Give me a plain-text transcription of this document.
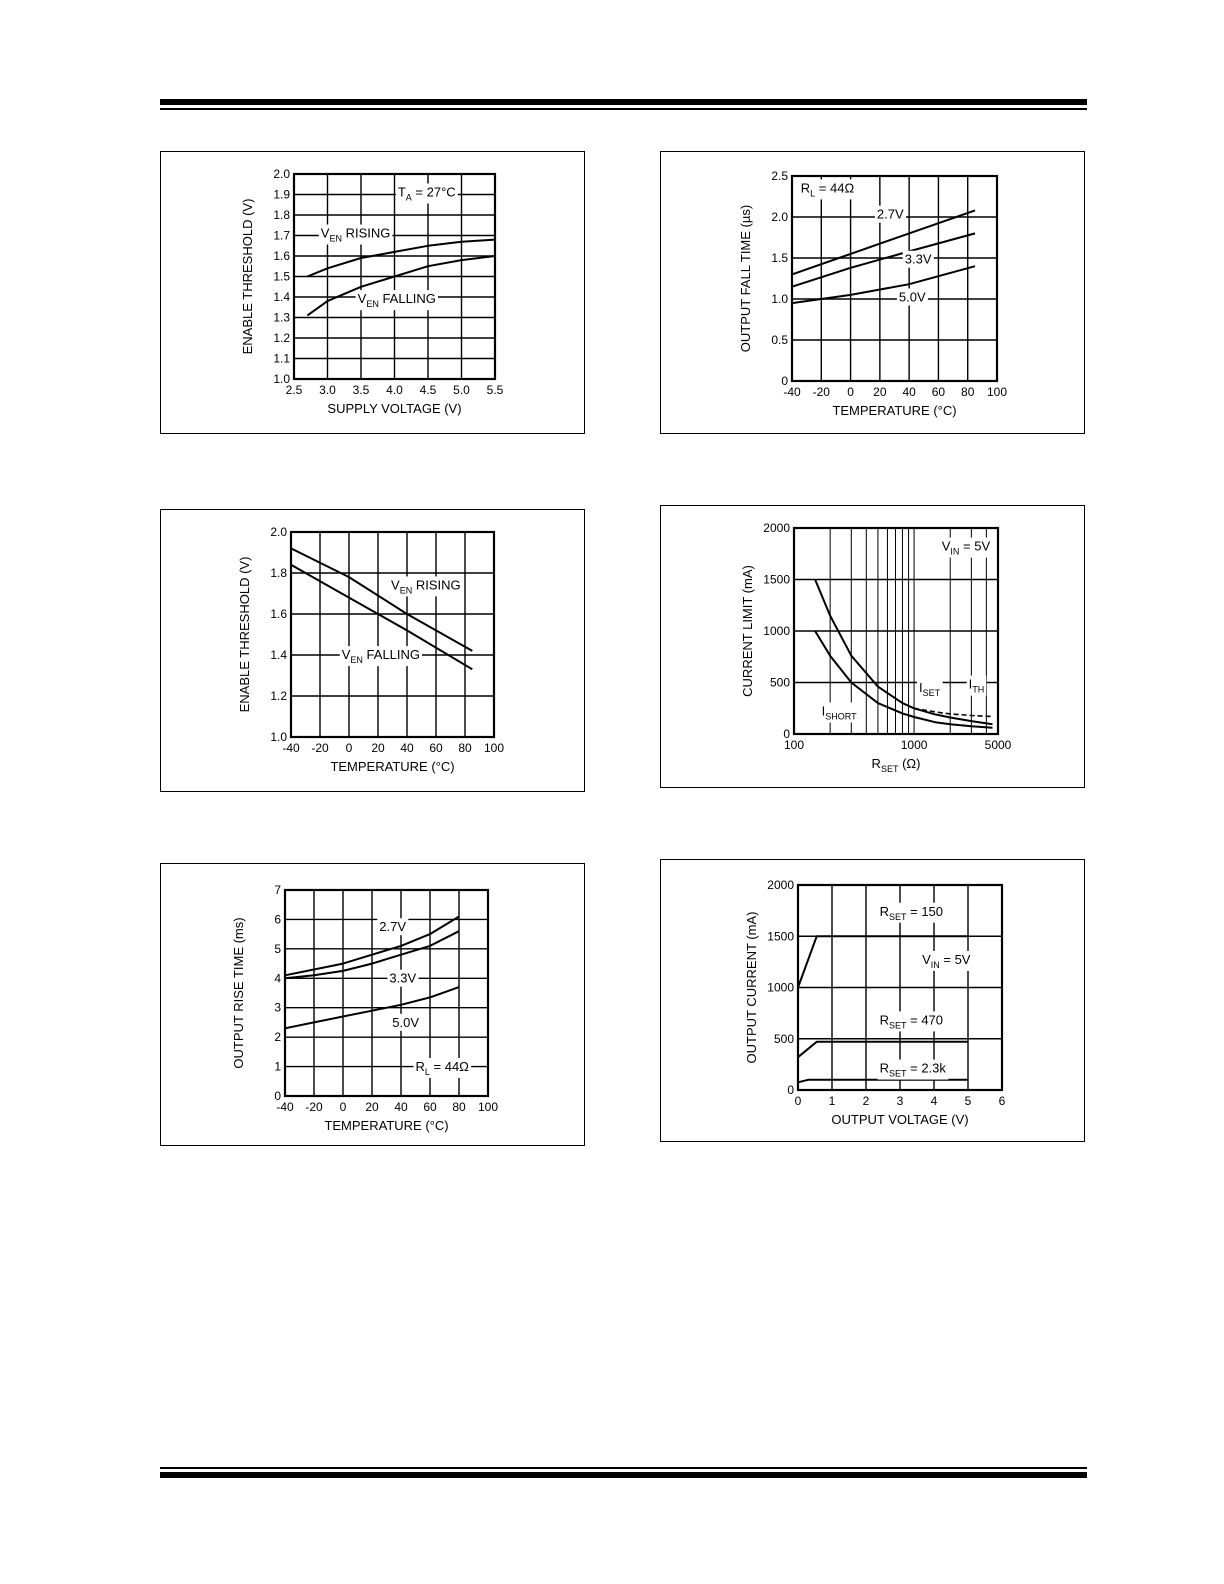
2.5 3.0 3.5 4.0 4.5 5.0 5.5
1.0
1.1
1.2
1.3
1.4
1.5
1.6
1.7
1.8
1.9
2.0
SUPPLY VOLTAGE (V)
ENABLE THRESHOLD (V)
$T_A = 27^\circ C$
$V_{EN}$ RISING
$V_{EN}$ FALLING
-40 -20 0 20 40 60 80 100
0
0.5
1.0
1.5
2.0
2.5
TEMPERATURE (°C)
OUTPUT FALL TIME (µs)
$R_L = 44\Omega$
2.7V
3.3V
5.0V
-40 -20 0 20 40 60 80 100
1.0
1.2
1.4
1.6
1.8
2.0
TEMPERATURE (°C)
ENABLE THRESHOLD (V)	$V_{EN}$ RISING
$V_{EN}$ FALLING
100	1000	5000
0
500
1000
1500
2000
$R_{SET}$ (Ω)
CURRENT LIMIT (mA)
$V_{IN} = 5V$
$I_{SET}$
$I_{TH}$
$I_{SHORT}$
-40 -20 0 20 40 60 80 100
0
1
2
3
4
5
6
7
TEMPERATURE (°C)
OUTPUT RISE TIME (ms)	2.7V
3.3V
5.0V
$R_L = 44\Omega$
0 1 2 3 4 5 6
0
500
1000
1500
2000
OUTPUT VOLTAGE (V)
OUTPUT CURRENT (mA)
$R_{SET} = 150$
$V_{IN} = 5V$
$R_{SET} = 470$
$R_{SET} = 2.3k$
